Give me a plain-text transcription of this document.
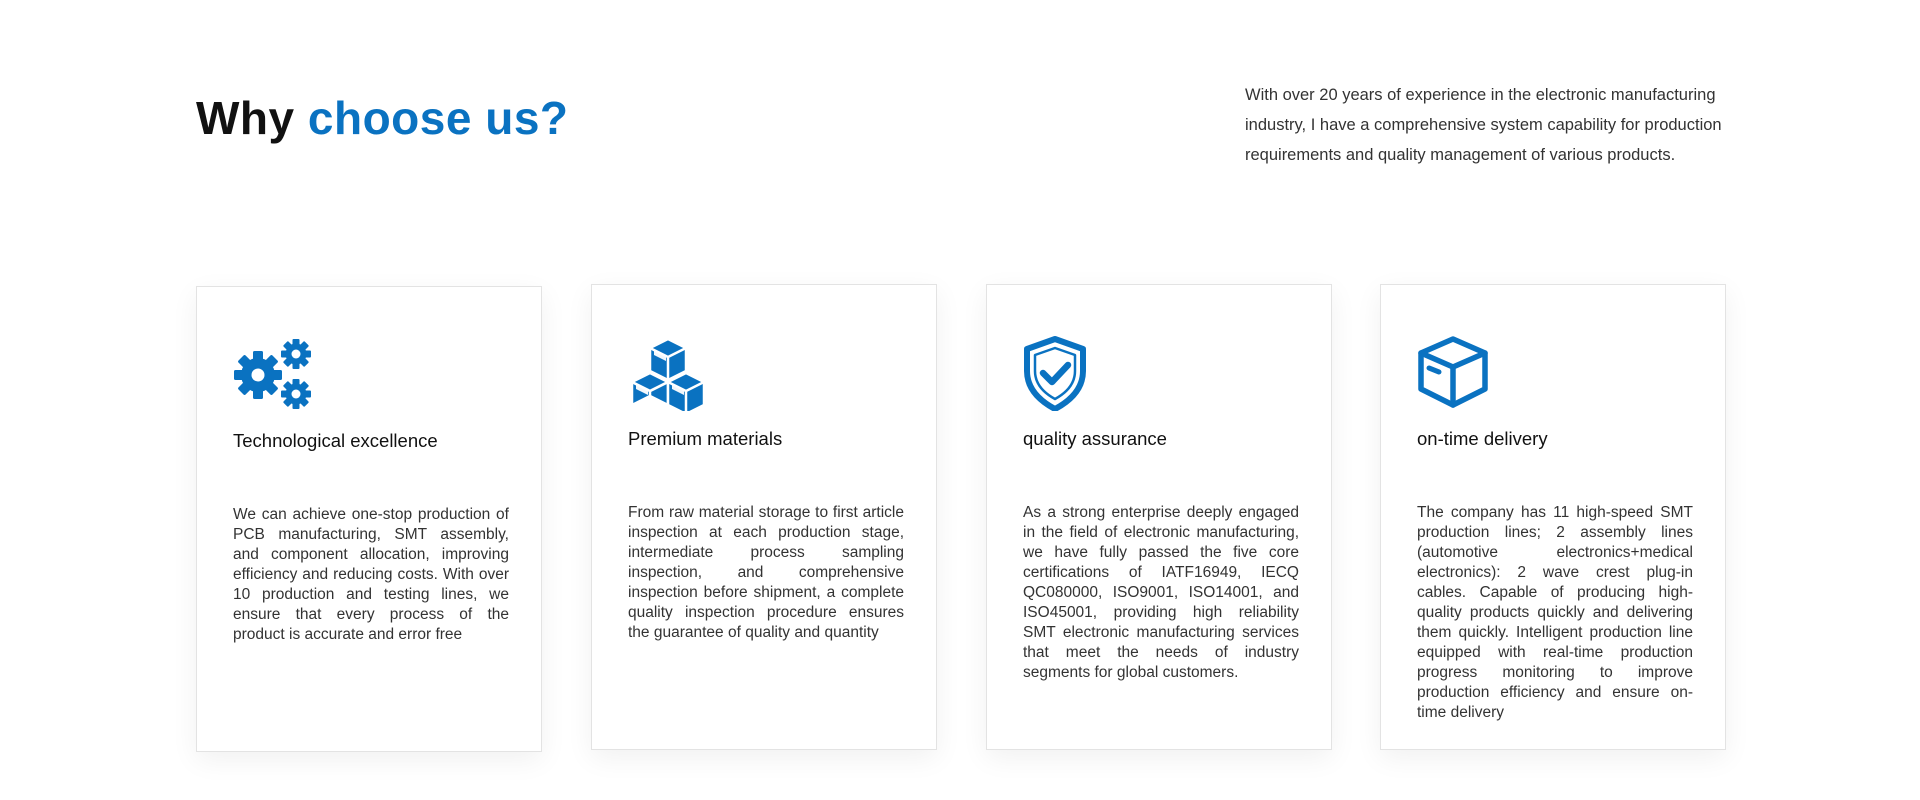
Why choose us?	With over 20 years of experience in the electronic manufacturing industry, I have a comprehensive system capability for production requirements and quality management of various products.

Technological excellence

We can achieve one-stop production of PCB manufacturing, SMT assembly, and component allocation, improving efficiency and reducing costs. With over 10 production and testing lines, we ensure that every process of the product is accurate and error free

Premium materials

From raw material storage to first article inspection at each production stage, intermediate process sampling inspection, and comprehensive inspection before shipment, a complete quality inspection procedure ensures the guarantee of quality and quantity

quality assurance

As a strong enterprise deeply engaged in the field of electronic manufacturing, we have fully passed the five core certifications of IATF16949, IECQ QC080000, ISO9001, ISO14001, and ISO45001, providing high reliability SMT electronic manufacturing services that meet the needs of industry segments for global customers.

on-time delivery

The company has 11 high-speed SMT production lines; 2 assembly lines (automotive electronics+medical electronics): 2 wave crest plug-in cables. Capable of producing high-quality products quickly and delivering them quickly. Intelligent production line equipped with real-time production progress monitoring to improve production efficiency and ensure on-time delivery
